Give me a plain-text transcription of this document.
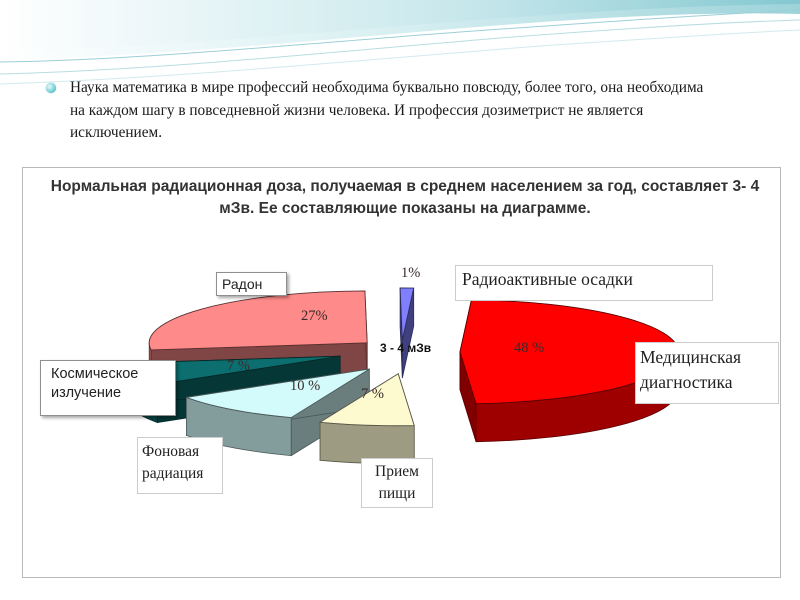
Наука математика в мире профессий необходима буквально повсюду, более того, она необходима на каждом шагу в повседневной жизни человека. И профессия дозиметрист не является исключением.
Нормальная радиационная доза, получаемая в среднем населением за год, составляет 3- 4 мЗв. Ее составляющие показаны на диаграмме.
3 - 4 мЗв
Радон	Радиоактивные осадки
Космическое излучение
Медицинская диагностика
Фоновая радиация	Прием пищи
27%
1%
48 %
7 %
10 %	7 %
